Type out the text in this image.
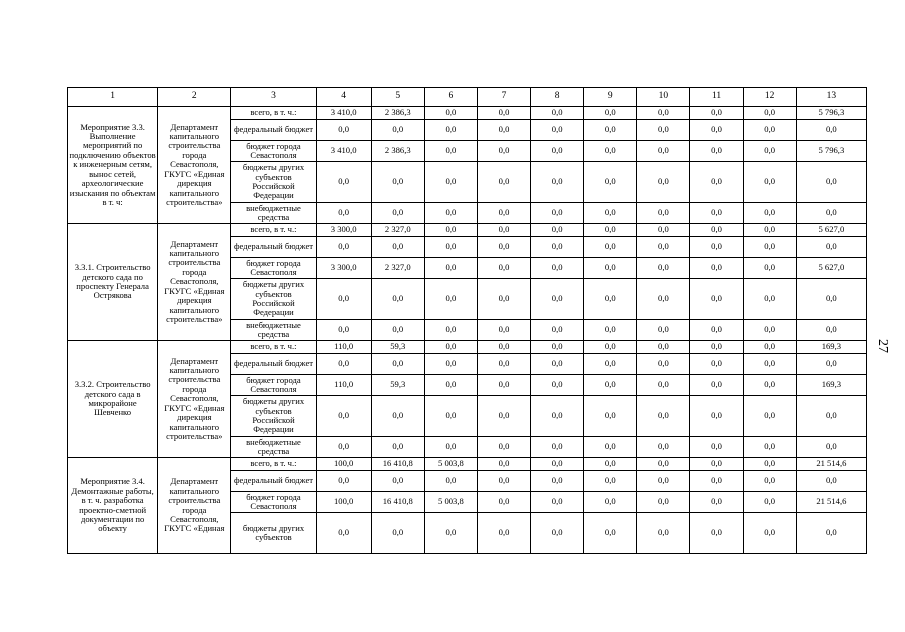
27
1	2	3	4	5	6	7	8	9	10	11	12	13
Мероприятие 3.3. Выполнение мероприятий по подключению объектов к инженерным сетям, вынос сетей, археологические изыскания по объектам в т. ч:	Департамент капитального строительства города Севастополя, ГКУГС «Единая дирекция капитального строительства»	всего, в т. ч.:	3 410,0	2 386,3	0,0	0,0	0,0	0,0	0,0	0,0	0,0	5 796,3
		федеральный бюджет	0,0	0,0	0,0	0,0	0,0	0,0	0,0	0,0	0,0	0,0
		бюджет города Севастополя	3 410,0	2 386,3	0,0	0,0	0,0	0,0	0,0	0,0	0,0	5 796,3
		бюджеты других субъектов Российской Федерации	0,0	0,0	0,0	0,0	0,0	0,0	0,0	0,0	0,0	0,0
		внебюджетные средства	0,0	0,0	0,0	0,0	0,0	0,0	0,0	0,0	0,0	0,0
3.3.1. Строительство детского сада по проспекту Генерала Острякова	Департамент капитального строительства города Севастополя, ГКУГС «Единая дирекция капитального строительства»	всего, в т. ч.:	3 300,0	2 327,0	0,0	0,0	0,0	0,0	0,0	0,0	0,0	5 627,0
		федеральный бюджет	0,0	0,0	0,0	0,0	0,0	0,0	0,0	0,0	0,0	0,0
		бюджет города Севастополя	3 300,0	2 327,0	0,0	0,0	0,0	0,0	0,0	0,0	0,0	5 627,0
		бюджеты других субъектов Российской Федерации	0,0	0,0	0,0	0,0	0,0	0,0	0,0	0,0	0,0	0,0
		внебюджетные средства	0,0	0,0	0,0	0,0	0,0	0,0	0,0	0,0	0,0	0,0
3.3.2. Строительство детского сада в микрорайоне Шевченко	Департамент капитального строительства города Севастополя, ГКУГС «Единая дирекция капитального строительства»	всего, в т. ч.:	110,0	59,3	0,0	0,0	0,0	0,0	0,0	0,0	0,0	169,3
		федеральный бюджет	0,0	0,0	0,0	0,0	0,0	0,0	0,0	0,0	0,0	0,0
		бюджет города Севастополя	110,0	59,3	0,0	0,0	0,0	0,0	0,0	0,0	0,0	169,3
		бюджеты других субъектов Российской Федерации	0,0	0,0	0,0	0,0	0,0	0,0	0,0	0,0	0,0	0,0
		внебюджетные средства	0,0	0,0	0,0	0,0	0,0	0,0	0,0	0,0	0,0	0,0
Мероприятие 3.4. Демонтажные работы, в т. ч. разработка проектно-сметной документации по объекту	Департамент капитального строительства города Севастополя, ГКУГС «Единая	всего, в т. ч.:	100,0	16 410,8	5 003,8	0,0	0,0	0,0	0,0	0,0	0,0	21 514,6
		федеральный бюджет	0,0	0,0	0,0	0,0	0,0	0,0	0,0	0,0	0,0	0,0
		бюджет города Севастополя	100,0	16 410,8	5 003,8	0,0	0,0	0,0	0,0	0,0	0,0	21 514,6
		бюджеты других субъектов	0,0	0,0	0,0	0,0	0,0	0,0	0,0	0,0	0,0	0,0
